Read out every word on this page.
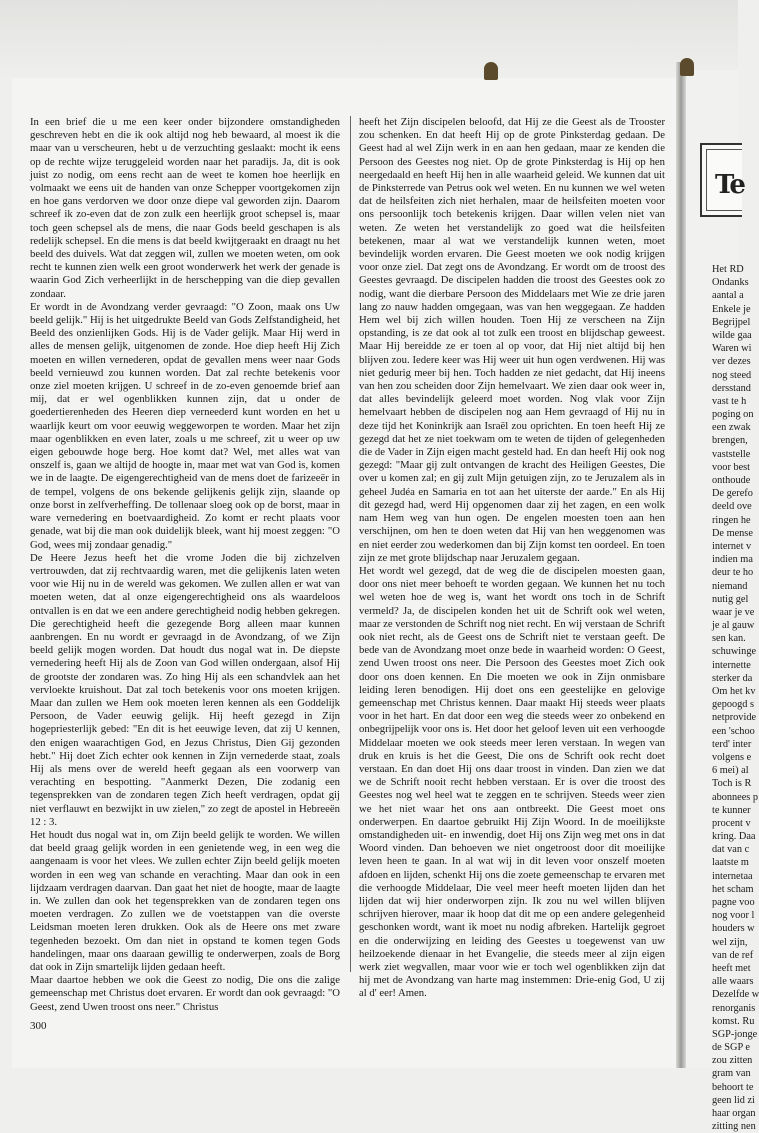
In een brief die u me een keer onder bijzondere omstandigheden geschreven hebt en die ik ook altijd nog heb bewaard, al moest ik die maar van u verscheuren, hebt u de verzuchting geslaakt: mocht ik eens op de rechte wijze teruggeleid worden naar het paradijs. Ja, dit is ook juist zo nodig, om eens recht aan de weet te komen hoe heerlijk en volmaakt we eens uit de handen van onze Schepper voortgekomen zijn en hoe gans verdorven we door onze diepe val geworden zijn. Daarom schreef ik zo-even dat de zon zulk een heerlijk groot schepsel is, maar toch geen schepsel als de mens, die naar Gods beeld geschapen is als redelijk schepsel. En die mens is dat beeld kwijtgeraakt en draagt nu het beeld des duivels. Wat dat zeggen wil, zullen we moeten weten, om ook recht te kunnen zien welk een groot wonderwerk het werk der genade is waarin God Zich verheerlijkt in de herschepping van die diep gevallen zondaar.

Er wordt in de Avondzang verder gevraagd: "O Zoon, maak ons Uw beeld gelijk." Hij is het uitgedrukte Beeld van Gods Zelfstandigheid, het Beeld des onzienlijken Gods. Hij is de Vader gelijk. Maar Hij werd in alles de mensen gelijk, uitgenomen de zonde. Hoe diep heeft Hij Zich moeten en willen vernederen, opdat de gevallen mens weer naar Gods beeld vernieuwd zou kunnen worden. Dat zal rechte betekenis voor onze ziel moeten krijgen. U schreef in de zo-even genoemde brief aan mij, dat er wel ogenblikken kunnen zijn, dat u onder de goedertierenheden des Heeren diep verneederd kunt worden en het u waarlijk keurt om voor eeuwig weggeworpen te worden. Maar het zijn maar ogenblikken en even later, zoals u me schreef, zit u weer op uw eigen gebouwde hoge berg. Hoe komt dat? Wel, met alles wat van onszelf is, gaan we altijd de hoogte in, maar met wat van God is, komen we in de laagte. De eigengerechtigheid van de mens doet de farizeeër in de tempel, volgens de ons bekende gelijkenis gelijk zijn, slaande op onze borst in zelfverheffing. De tollenaar sloeg ook op de borst, maar in ware vernedering en boetvaardigheid. Zo komt er recht plaats voor genade, wat bij die man ook duidelijk bleek, want hij moest zeggen: "O God, wees mij zondaar genadig."

De Heere Jezus heeft het die vrome Joden die bij zichzelven vertrouwden, dat zij rechtvaardig waren, met die gelijkenis laten weten voor wie Hij nu in de wereld was gekomen. We zullen allen er wat van moeten weten, dat al onze eigengerechtigheid ons als waardeloos ontvallen is en dat we een andere gerechtigheid nodig hebben gekregen. Die gerechtigheid heeft die gezegende Borg alleen maar kunnen aanbrengen. En nu wordt er gevraagd in de Avondzang, of we Zijn beeld gelijk mogen worden. Dat houdt dus nogal wat in. De diepste vernedering heeft Hij als de Zoon van God willen ondergaan, alsof Hij de grootste der zondaren was. Zo hing Hij als een schandvlek aan het vervloekte kruishout. Dat zal toch betekenis voor ons moeten krijgen. Maar dan zullen we Hem ook moeten leren kennen als een Goddelijk Persoon, de Vader eeuwig gelijk. Hij heeft gezegd in Zijn hogepriesterlijk gebed: "En dit is het eeuwige leven, dat zij U kennen, den enigen waarachtigen God, en Jezus Christus, Dien Gij gezonden hebt." Hij doet Zich echter ook kennen in Zijn vernederde staat, zoals Hij als mens over de wereld heeft gegaan als een voorwerp van verachting en bespotting. "Aanmerkt Dezen, Die zodanig een tegensprekken van de zondaren tegen Zich heeft verdragen, opdat gij niet verflauwt en bezwijkt in uw zielen," zo zegt de apostel in Hebreeën 12 : 3.

Het houdt dus nogal wat in, om Zijn beeld gelijk te worden. We willen dat beeld graag gelijk worden in een genietende weg, in een weg die aangenaam is voor het vlees. We zullen echter Zijn beeld gelijk moeten worden in een weg van schande en verachting. Maar dan ook in een lijdzaam verdragen daarvan. Dan gaat het niet de hoogte, maar de laagte in. We zullen dan ook het tegensprekken van de zondaren tegen ons moeten verdragen. Zo zullen we de voetstappen van die overste Leidsman moeten leren drukken. Ook als de Heere ons met zware tegenheden bezoekt. Om dan niet in opstand te komen tegen Gods handelingen, maar ons daaraan gewillig te onderwerpen, zoals de Borg dat ook in Zijn smartelijk lijden gedaan heeft.

Maar daartoe hebben we ook die Geest zo nodig, Die ons die zalige gemeenschap met Christus doet ervaren. Er wordt dan ook gevraagd: "O Geest, zend Uwen troost ons neer." Christus

heeft het Zijn discipelen beloofd, dat Hij ze die Geest als de Trooster zou schenken. En dat heeft Hij op de grote Pinksterdag gedaan. De Geest had al wel Zijn werk in en aan hen gedaan, maar ze kenden die Persoon des Geestes nog niet. Op de grote Pinksterdag is Hij op hen neergedaald en heeft Hij hen in alle waarheid geleid. We kunnen dat uit de Pinksterrede van Petrus ook wel weten. En nu kunnen we wel weten dat de heilsfeiten zich niet herhalen, maar de heilsfeiten moeten voor ons persoonlijk toch betekenis krijgen. Daar willen velen niet van weten. Ze weten het verstandelijk zo goed wat die heilsfeiten betekenen, maar al wat we verstandelijk kunnen weten, moet bevindelijk worden ervaren. Die Geest moeten we ook nodig krijgen voor onze ziel. Dat zegt ons de Avondzang. Er wordt om de troost des Geestes gevraagd. De discipelen hadden die troost des Geestes ook zo nodig, want die dierbare Persoon des Middelaars met Wie ze drie jaren lang zo nauw hadden omgegaan, was van hen weggegaan. Ze hadden Hem wel bij zich willen houden. Toen Hij ze verscheen na Zijn opstanding, is ze dat ook al tot zulk een troost en blijdschap geweest. Maar Hij bereidde ze er toen al op voor, dat Hij niet altijd bij hen blijven zou. Iedere keer was Hij weer uit hun ogen verdwenen. Hij was niet gedurig meer bij hen. Toch hadden ze niet gedacht, dat Hij ineens van hen zou scheiden door Zijn hemelvaart. We zien daar ook weer in, dat alles bevindelijk geleerd moet worden. Nog vlak voor Zijn hemelvaart hebben de discipelen nog aan Hem gevraagd of Hij nu in deze tijd het Koninkrijk aan Israël zou oprichten. En toen heeft Hij ze gezegd dat het ze niet toekwam om te weten de tijden of gelegenheden die de Vader in Zijn eigen macht gesteld had. En dan heeft Hij ook nog gezegd: "Maar gij zult ontvangen de kracht des Heiligen Geestes, Die over u komen zal; en gij zult Mijn getuigen zijn, zo te Jeruzalem als in geheel Judéa en Samaria en tot aan het uiterste der aarde." En als Hij dit gezegd had, werd Hij opgenomen daar zij het zagen, en een wolk nam Hem weg van hun ogen. De engelen moesten toen aan hen verschijnen, om hen te doen weten dat Hij van hen weggenomen was en niet eerder zou wederkomen dan bij Zijn komst ten oordeel. En toen zijn ze met grote blijdschap naar Jeruzalem gegaan.

Het wordt wel gezegd, dat de weg die de discipelen moesten gaan, door ons niet meer behoeft te worden gegaan. We kunnen het nu toch wel weten hoe de weg is, want het wordt ons toch in de Schrift vermeld? Ja, de discipelen konden het uit de Schrift ook wel weten, maar ze verstonden de Schrift nog niet recht. En wij verstaan de Schrift ook niet recht, als de Geest ons de Schrift niet te verstaan geeft. De bede van de Avondzang moet onze bede in waarheid worden: O Geest, zend Uwen troost ons neer. Die Persoon des Geestes moet Zich ook door ons doen kennen. En Die moeten we ook in Zijn onmisbare leiding leren benodigen. Hij doet ons een geestelijke en gelovige gemeenschap met Christus kennen. Daar maakt Hij steeds weer plaats voor in het hart. En dat door een weg die steeds weer zo onbekend en onbegrijpelijk voor ons is. Het door het geloof leven uit een verhoogde Middelaar moeten we ook steeds meer leren verstaan. In wegen van druk en kruis is het die Geest, Die ons de Schrift ook recht doet verstaan. En dan doet Hij ons daar troost in vinden. Dan zien we dat we de Schrift nooit recht hebben verstaan. Er is over die troost des Geestes nog wel heel wat te zeggen en te schrijven. Steeds weer zien we het niet waar het ons aan ontbreekt. Die Geest moet ons onderwerpen. En daartoe gebruikt Hij Zijn Woord. In de moeilijkste omstandigheden uit- en inwendig, doet Hij ons Zijn weg met ons in dat Woord vinden. Dan behoeven we niet ongetroost door dit moeilijke leven heen te gaan. In al wat wij in dit leven voor onszelf moeten afdoen en lijden, schenkt Hij ons die zoete gemeenschap te ervaren met die verhoogde Middelaar, Die veel meer heeft moeten lijden dan het lijden dat wij hier onderworpen zijn. Ik zou nu wel willen blijven schrijven hierover, maar ik hoop dat dit me op een andere gelegenheid geschonken wordt, want ik moet nu nodig afbreken. Hartelijk gegroet en die onderwijzing en leiding des Geestes u toegewenst van uw heilzoekende dienaar in het Evangelie, die steeds meer al zijn eigen werk ziet wegvallen, maar voor wie er toch wel ogenblikken zijn dat hij met de Avondzang van harte mag instemmen: Drie-enig God, U zij al d' eer! Amen.

300
Te
Het RD
Ondanks
aantal a
Enkele je
Begrijpel
wilde gaa
Waren wi
ver dezes
nog steed
dersstand
vast te h
poging on
een zwak
brengen,
vaststelle
voor best
onthoude
De gerefo
deeld ove
ringen he
De mense
internet v
indien ma
deur te ho
niemand
nutig gel
waar je ve
je al gauw
sen kan.
schuwinge
internette
sterker da
Om het kv
gepoogd s
netprovide
een 'schoo
terd' inter
volgens e
6 mei) al
Toch is R
abonnees p
te kunner
procent v
kring. Daa
dat van c
laatste m
internetaa
het scham
pagne voo
nog voor l
houders w
wel zijn,
van de ref
heeft met
alle waars
Dezelfde w
renorganis
komst. Ru
SGP-jonge
de SGP e
zou zitten
gram van
behoort te
geen lid zi
haar organ
zitting nen
